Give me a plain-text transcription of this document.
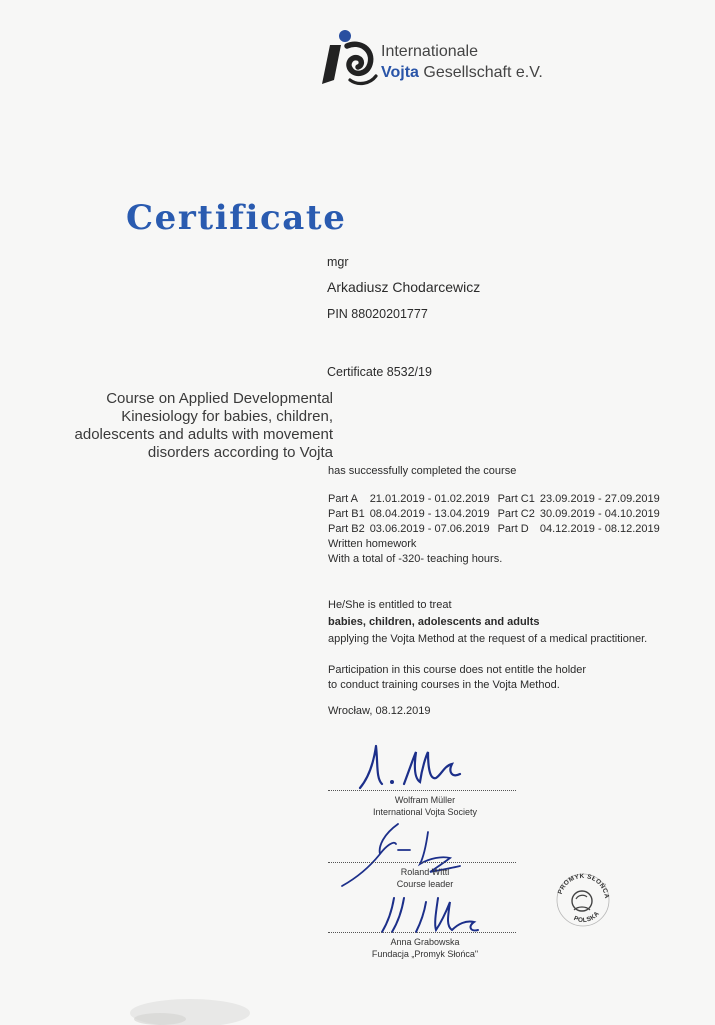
Internationale
Vojta Gesellschaft e.V.
Certificate
mgr
Arkadiusz Chodarcewicz
PIN 88020201777
Certificate 8532/19
Course on Applied Developmental
Kinesiology for babies, children,
adolescents and adults with movement
disorders according to Vojta
has successfully completed the course
Part A	21.01.2019 - 01.02.2019	Part C1	23.09.2019 - 27.09.2019
Part B1	08.04.2019 - 13.04.2019	Part C2	30.09.2019 - 04.10.2019
Part B2	03.06.2019 - 07.06.2019	Part D	04.12.2019 - 08.12.2019
Written homework
With a total of -320- teaching hours.
He/She is entitled to treat
babies, children, adolescents and adults
applying the Vojta Method at the request of a medical practitioner.
Participation in this course does not entitle the holder
to conduct training courses in the Vojta Method.
Wrocław, 08.12.2019
Wolfram Müller
International Vojta Society
Roland Wittl
Course leader
Anna Grabowska
Fundacja „Promyk Słońca"
PROMYK SŁOŃCA
POLSKA
